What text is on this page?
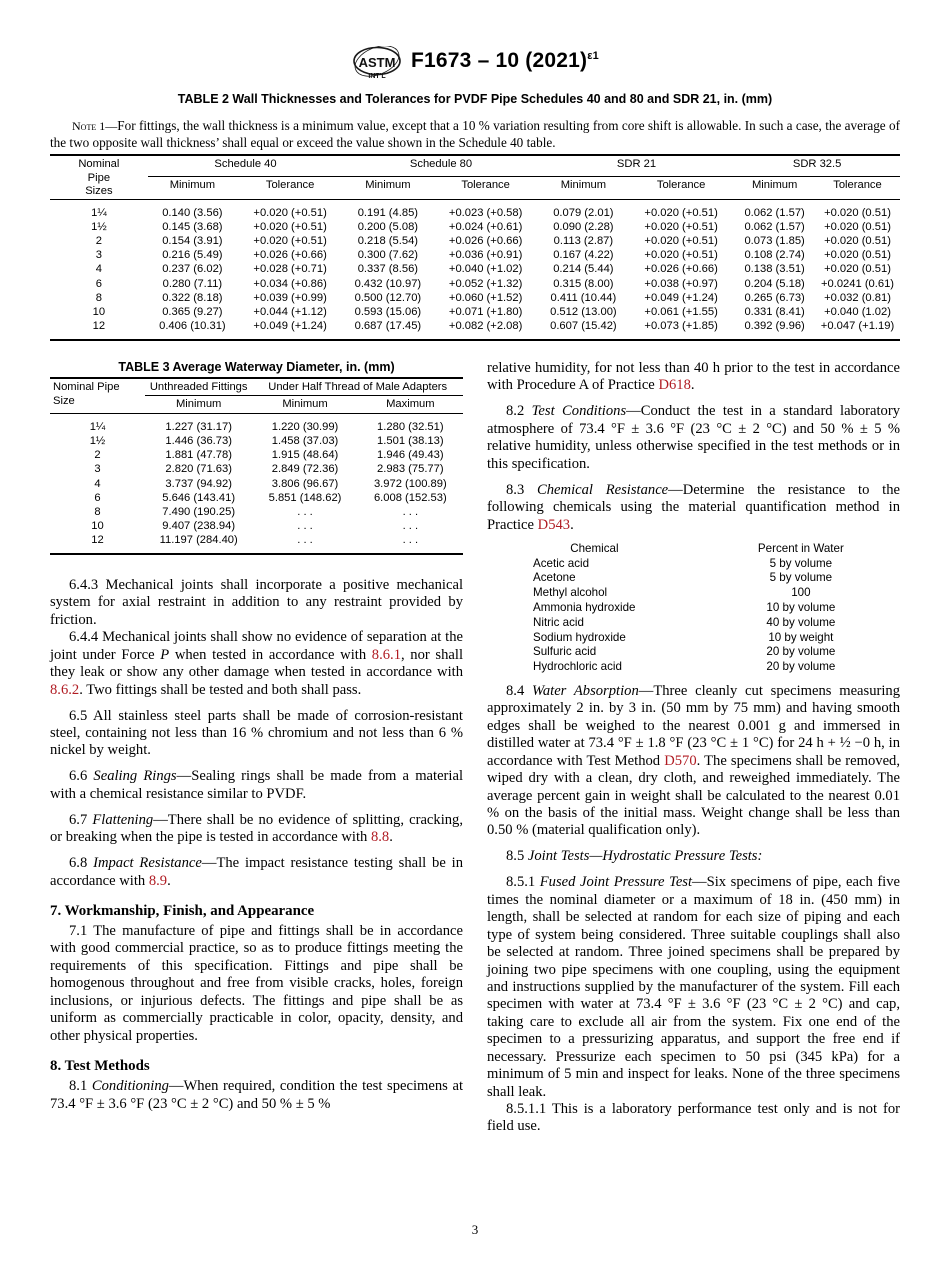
ASTM
INT'L
F1673 – 10 $(2021)^{\varepsilon 1}$
TABLE 2 Wall Thicknesses and Tolerances for PVDF Pipe Schedules 40 and 80 and SDR 21, in. (mm)
Note 1—For fittings, the wall thickness is a minimum value, except that a 10 % variation resulting from core shift is allowable. In such a case, the average of the two opposite wall thickness’ shall equal or exceed the value shown in the Schedule 40 table.
Nominal
Pipe
Sizes	Schedule 40		Schedule 80		SDR 21		SDR 32.5	
	Minimum	Tolerance	Minimum	Tolerance	Minimum	Tolerance	Minimum	Tolerance

1¼	0.140 (3.56)	+0.020 (+0.51)	0.191 (4.85)	+0.023 (+0.58)	0.079 (2.01)	+0.020 (+0.51)	0.062 (1.57)	+0.020 (0.51)
1½	0.145 (3.68)	+0.020 (+0.51)	0.200 (5.08)	+0.024 (+0.61)	0.090 (2.28)	+0.020 (+0.51)	0.062 (1.57)	+0.020 (0.51)
2	0.154 (3.91)	+0.020 (+0.51)	0.218 (5.54)	+0.026 (+0.66)	0.113 (2.87)	+0.020 (+0.51)	0.073 (1.85)	+0.020 (0.51)
3	0.216 (5.49)	+0.026 (+0.66)	0.300 (7.62)	+0.036 (+0.91)	0.167 (4.22)	+0.020 (+0.51)	0.108 (2.74)	+0.020 (0.51)
4	0.237 (6.02)	+0.028 (+0.71)	0.337 (8.56)	+0.040 (+1.02)	0.214 (5.44)	+0.026 (+0.66)	0.138 (3.51)	+0.020 (0.51)
6	0.280 (7.11)	+0.034 (+0.86)	0.432 (10.97)	+0.052 (+1.32)	0.315 (8.00)	+0.038 (+0.97)	0.204 (5.18)	+0.0241 (0.61)
8	0.322 (8.18)	+0.039 (+0.99)	0.500 (12.70)	+0.060 (+1.52)	0.411 (10.44)	+0.049 (+1.24)	0.265 (6.73)	+0.032 (0.81)
10	0.365 (9.27)	+0.044 (+1.12)	0.593 (15.06)	+0.071 (+1.80)	0.512 (13.00)	+0.061 (+1.55)	0.331 (8.41)	+0.040 (1.02)
12	0.406 (10.31)	+0.049 (+1.24)	0.687 (17.45)	+0.082 (+2.08)	0.607 (15.42)	+0.073 (+1.85)	0.392 (9.96)	+0.047 (+1.19)

TABLE 3 Average Waterway Diameter, in. (mm)
Nominal Pipe
Size	Unthreaded Fittings	Under Half Thread of Male Adapters	
	Minimum	Minimum	Maximum

1¼	1.227 (31.17)	1.220 (30.99)	1.280 (32.51)
1½	1.446 (36.73)	1.458 (37.03)	1.501 (38.13)
2	1.881 (47.78)	1.915 (48.64)	1.946 (49.43)
3	2.820 (71.63)	2.849 (72.36)	2.983 (75.77)
4	3.737 (94.92)	3.806 (96.67)	3.972 (100.89)
6	5.646 (143.41)	5.851 (148.62)	6.008 (152.53)
8	7.490 (190.25)	. . .	. . .
10	9.407 (238.94)	. . .	. . .
12	11.197 (284.40)	. . .	. . .

6.4.3 Mechanical joints shall incorporate a positive mechanical system for axial restraint in addition to any restraint provided by friction.

6.4.4 Mechanical joints shall show no evidence of separation at the joint under Force P when tested in accordance with 8.6.1, nor shall they leak or show any other damage when tested in accordance with 8.6.2. Two fittings shall be tested and both shall pass.

6.5 All stainless steel parts shall be made of corrosion-resistant steel, containing not less than 16 % chromium and not less than 6 % nickel by weight.

6.6 Sealing Rings—Sealing rings shall be made from a material with a chemical resistance similar to PVDF.

6.7 Flattening—There shall be no evidence of splitting, cracking, or breaking when the pipe is tested in accordance with 8.8.

6.8 Impact Resistance—The impact resistance testing shall be in accordance with 8.9.

7. Workmanship, Finish, and Appearance

7.1 The manufacture of pipe and fittings shall be in accordance with good commercial practice, so as to produce fittings meeting the requirements of this specification. Fittings and pipe shall be homogenous throughout and free from visible cracks, holes, foreign inclusions, or injurious defects. The fittings and pipe shall be as uniform as commercially practicable in color, opacity, density, and other physical properties.

8. Test Methods

8.1 Conditioning—When required, condition the test specimens at 73.4 °F ± 3.6 °F (23 °C ± 2 °C) and 50 % ± 5 %

relative humidity, for not less than 40 h prior to the test in accordance with Procedure A of Practice D618.

8.2 Test Conditions—Conduct the test in a standard laboratory atmosphere of 73.4 °F ± 3.6 °F (23 °C ± 2 °C) and 50 % ± 5 % relative humidity, unless otherwise specified in the test methods or in this specification.

8.3 Chemical Resistance—Determine the resistance to the following chemicals using the material quantification method in Practice D543.

Chemical	Percent in Water
Acetic acid	5 by volume
Acetone	5 by volume
Methyl alcohol	100
Ammonia hydroxide	10 by volume
Nitric acid	40 by volume
Sodium hydroxide	10 by weight
Sulfuric acid	20 by volume
Hydrochloric acid	20 by volume

8.4 Water Absorption—Three cleanly cut specimens measuring approximately 2 in. by 3 in. (50 mm by 75 mm) and having smooth edges shall be weighed to the nearest 0.001 g and immersed in distilled water at 73.4 °F ± 1.8 °F (23 °C ± 1 °C) for 24 h + ½ −0 h, in accordance with Test Method D570. The specimens shall be removed, wiped dry with a clean, dry cloth, and reweighed immediately. The average percent gain in weight shall be calculated to the nearest 0.01 % on the basis of the initial mass. Weight change shall be less than 0.50 % (material qualification only).

8.5 Joint Tests—Hydrostatic Pressure Tests:

8.5.1 Fused Joint Pressure Test—Six specimens of pipe, each five times the nominal diameter or a maximum of 18 in. (450 mm) in length, shall be selected at random for each size of piping and each type of system being considered. Three suitable couplings shall also be selected at random. Three joined specimens shall be prepared by joining two pipe specimens with one coupling, using the equipment and instructions supplied by the manufacturer of the system. Fill each specimen with water at 73.4 °F ± 3.6 °F (23 °C ± 2 °C) and cap, taking care to exclude all air from the system. Fix one end of the specimen to a pressurizing apparatus, and support the free end if necessary. Pressurize each specimen to 50 psi (345 kPa) for a minimum of 5 min and inspect for leaks. None of the three specimens shall leak.

8.5.1.1 This is a laboratory performance test only and is not for field use.

3
